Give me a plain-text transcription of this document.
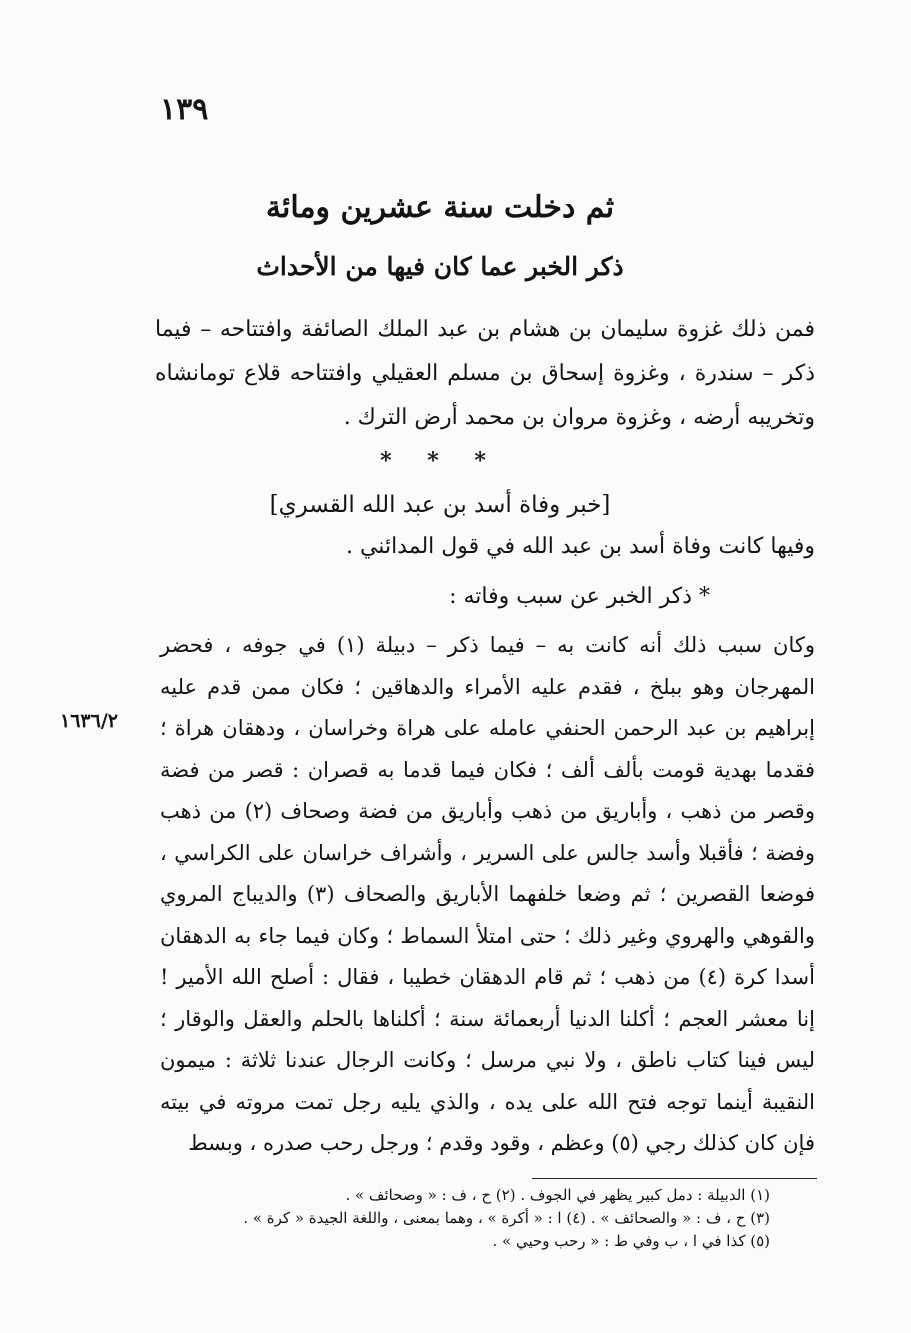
١٣٩
ثم دخلت سنة عشرين ومائة
ذكر الخبر عما كان فيها من الأحداث
فمن ذلك غزوة سليمان بن هشام بن عبد الملك الصائفة وافتتاحه – فيما ذكر – سندرة ، وغزوة إسحاق بن مسلم العقيلي وافتتاحه قلاع تومانشاه وتخريبه أرضه ، وغزوة مروان بن محمد أرض الترك .
* * *
[خبر وفاة أسد بن عبد الله القسري]
وفيها كانت وفاة أسد بن عبد الله في قول المدائني .
* ذكر الخبر عن سبب وفاته :

وكان سبب ذلك أنه كانت به – فيما ذكر – دبيلة (١) في جوفه ، فحضر المهرجان وهو ببلخ ، فقدم عليه الأمراء والدهاقين ؛ فكان ممن قدم عليه إبراهيم بن عبد الرحمن الحنفي عامله على هراة وخراسان ، ودهقان هراة ؛ فقدما بهدية قومت بألف ألف ؛ فكان فيما قدما به قصران : قصر من فضة وقصر من ذهب ، وأباريق من ذهب وأباريق من فضة وصحاف (٢) من ذهب وفضة ؛ فأقبلا وأسد جالس على السرير ، وأشراف خراسان على الكراسي ، فوضعا القصرين ؛ ثم وضعا خلفهما الأباريق والصحاف (٣) والديباج المروي والقوهي والهروي وغير ذلك ؛ حتى امتلأ السماط ؛ وكان فيما جاء به الدهقان أسدا كرة (٤) من ذهب ؛ ثم قام الدهقان خطيبا ، فقال : أصلح الله الأمير ! إنا معشر العجم ؛ أكلنا الدنيا أربعمائة سنة ؛ أكلناها بالحلم والعقل والوقار ؛ ليس فينا كتاب ناطق ، ولا نبي مرسل ؛ وكانت الرجال عندنا ثلاثة : ميمون النقيبة أينما توجه فتح الله على يده ، والذي يليه رجل تمت مروته في بيته فإن كان كذلك رجي (٥) وعظم ، وقود وقدم ؛ ورجل رحب صدره ، وبسط

١٦٣٦/٢

(١) الدبيلة : دمل كبير يظهر في الجوف . (٢) ح ، ف : « وصحائف » .

(٣) ح ، ف : « والصحائف » . (٤) ا : « أكرة » ، وهما بمعنى ، واللغة الجيدة « كرة » .

(٥) كذا في ا ، ب وفي ط : « رحب وحيي » .
